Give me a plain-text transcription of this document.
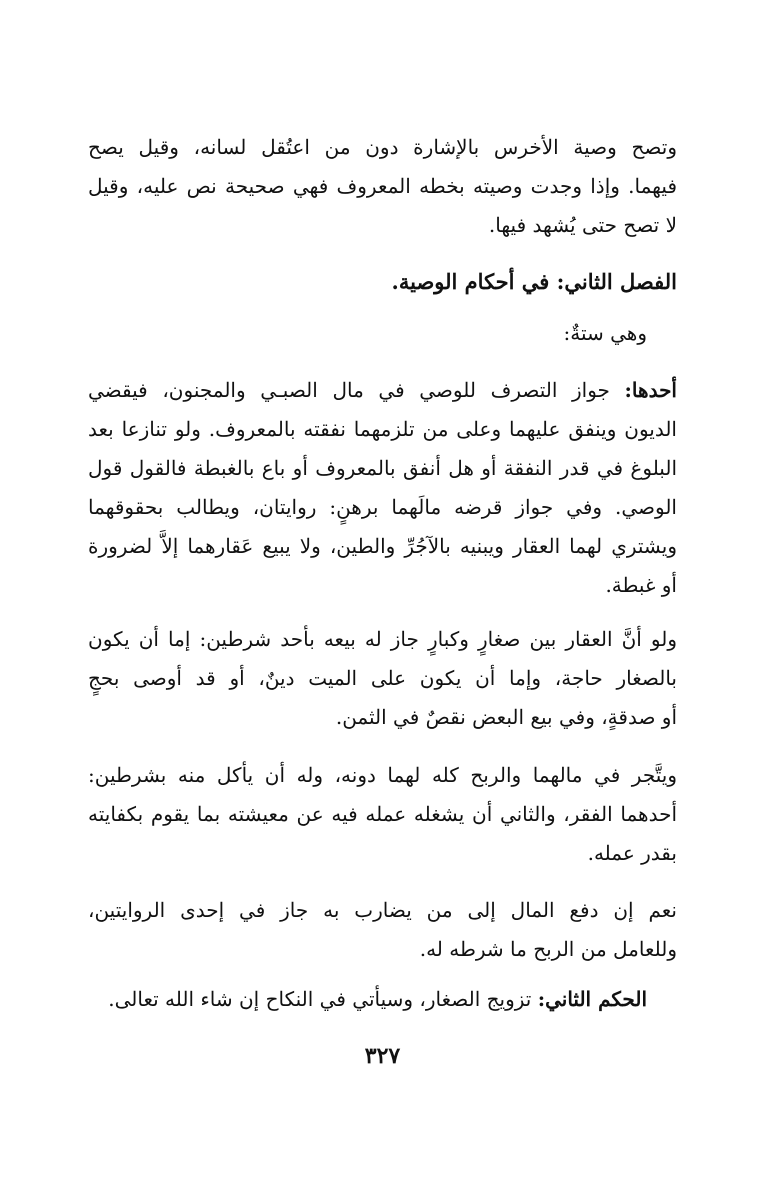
وتصح وصية الأخرس بالإشارة دون من اعتُقل لسانه، وقيل يصح
فيهما. وإذا وجدت وصيته بخطه المعروف فهي صحيحة نص عليه، وقيل
لا تصح حتى يُشهد فيها.
الفصل الثاني: في أحكام الوصية.
وهي ستةٌ:
أحدها: جواز التصرف للوصي في مال الصبـي والمجنون، فيقضي
الديون وينفق عليهما وعلى من تلزمهما نفقته بالمعروف. ولو تنازعا بعد
البلوغ في قدر النفقة أو هل أنفق بالمعروف أو باع بالغبطة فالقول قول
الوصي. وفي جواز قرضه مالَهما برهنٍ: روايتان، ويطالب بحقوقهما
ويشتري لهما العقار ويبنيه بالآجُرِّ والطين، ولا يبيع عَقارهما إلاَّ لضرورة
أو غبطة.
ولو أنَّ العقار بين صغارٍ وكبارٍ جاز له بيعه بأحد شرطين: إما أن يكون
بالصغار حاجة، وإما أن يكون على الميت دينٌ، أو قد أوصى بحجٍ
أو صدقةٍ، وفي بيع البعض نقصٌ في الثمن.
ويتَّجر في مالهما والربح كله لهما دونه، وله أن يأكل منه بشرطين:
أحدهما الفقر، والثاني أن يشغله عمله فيه عن معيشته بما يقوم بكفايته
بقدر عمله.
نعم إن دفع المال إلى من يضارب به جاز في إحدى الروايتين،
وللعامل من الربح ما شرطه له.
الحكم الثاني: تزويج الصغار، وسيأتي في النكاح إن شاء الله تعالى.
٣٢٧
